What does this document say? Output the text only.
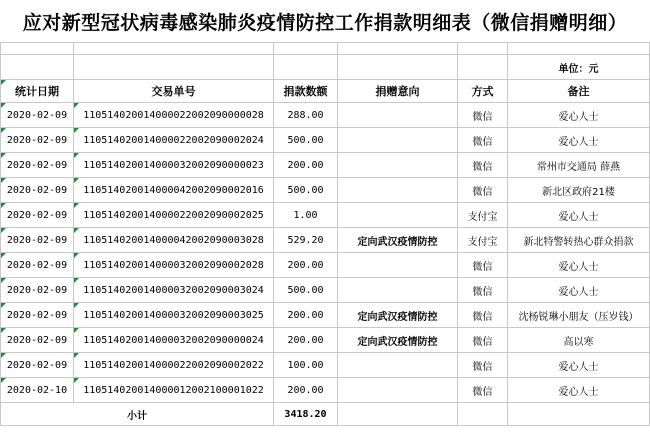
应对新型冠状病毒感染肺炎疫情防控工作捐款明细表（微信捐赠明细）

					单位：元
统计日期	交易单号	捐款数额	捐赠意向	方式	备注
2020-02-09	110514020014000022002090000028	288.00		微信	爱心人士
2020-02-09	110514020014000022002090002024	500.00		微信	爱心人士
2020-02-09	110514020014000032002090000023	200.00		微信	常州市交通局 薛燕
2020-02-09	110514020014000042002090002016	500.00		微信	新北区政府21楼
2020-02-09	110514020014000022002090002025	1.00		支付宝	爱心人士
2020-02-09	110514020014000042002090003028	529.20	定向武汉疫情防控	支付宝	新北特警转热心群众捐款
2020-02-09	110514020014000032002090002028	200.00		微信	爱心人士
2020-02-09	110514020014000032002090003024	500.00		微信	爱心人士
2020-02-09	110514020014000032002090003025	200.00	定向武汉疫情防控	微信	沈杨锐琳小朋友（压岁钱）
2020-02-09	110514020014000032002090000024	200.00	定向武汉疫情防控	微信	高以寒
2020-02-09	110514020014000022002090002022	100.00		微信	爱心人士
2020-02-10	110514020014000012002100001022	200.00		微信	爱心人士
小计		3418.20			
